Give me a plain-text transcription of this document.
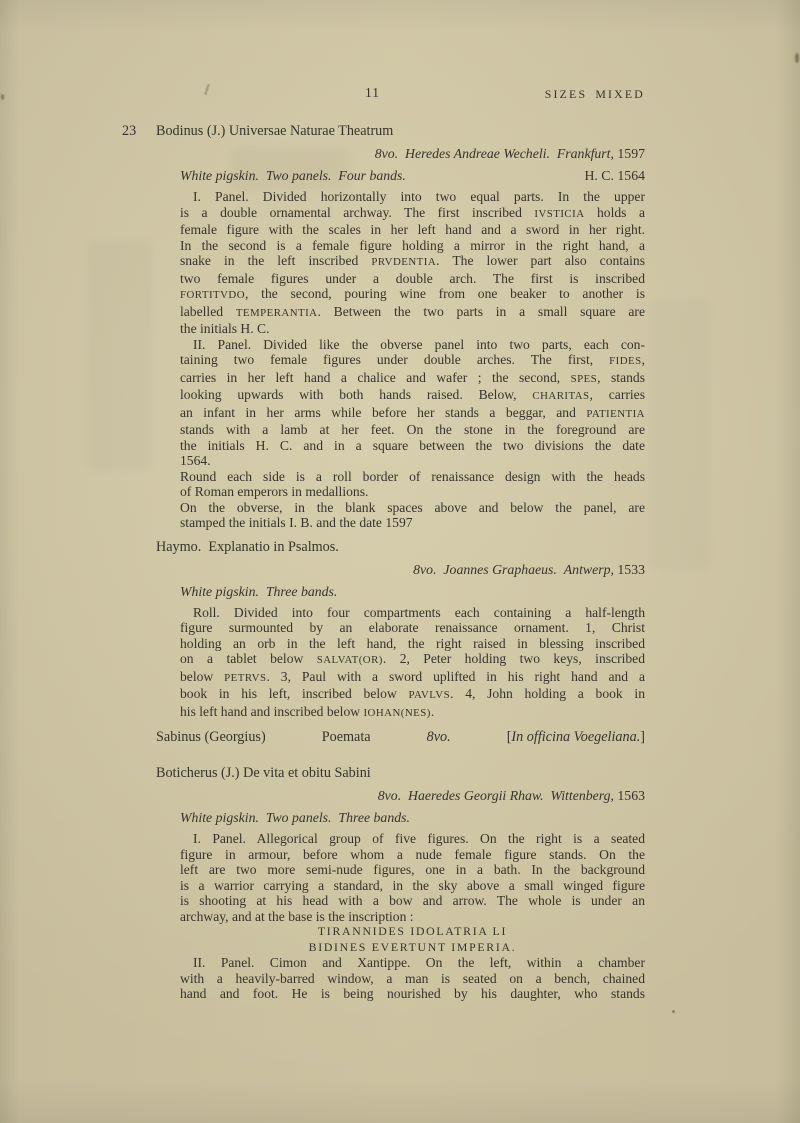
11	SIZES MIXED
23 Bodinus (J.) Universae Naturae Theatrum
8vo. Heredes Andreae Wecheli. Frankfurt, 1597
White pigskin. Two panels. Four bands.	H. C. 1564
I. Panel. Divided horizontally into two equal parts. In the upper
is a double ornamental archway. The first inscribed IVSTICIA holds a
female figure with the scales in her left hand and a sword in her right.
In the second is a female figure holding a mirror in the right hand, a
snake in the left inscribed PRVDENTIA. The lower part also contains
two female figures under a double arch. The first is inscribed
FORTITVDO, the second, pouring wine from one beaker to another is
labelled TEMPERANTIA. Between the two parts in a small square are
the initials H. C.
II. Panel. Divided like the obverse panel into two parts, each con-
taining two female figures under double arches. The first, FIDES,
carries in her left hand a chalice and wafer ; the second, SPES, stands
looking upwards with both hands raised. Below, CHARITAS, carries
an infant in her arms while before her stands a beggar, and PATIENTIA
stands with a lamb at her feet. On the stone in the foreground are
the initials H. C. and in a square between the two divisions the date
1564.
Round each side is a roll border of renaissance design with the heads
of Roman emperors in medallions.
On the obverse, in the blank spaces above and below the panel, are
stamped the initials I. B. and the date 1597
Haymo. Explanatio in Psalmos.
8vo. Joannes Graphaeus. Antwerp, 1533
White pigskin. Three bands.
Roll. Divided into four compartments each containing a half-length
figure surmounted by an elaborate renaissance ornament. 1, Christ
holding an orb in the left hand, the right raised in blessing inscribed
on a tablet below SALVAT(OR). 2, Peter holding two keys, inscribed
below PETRVS. 3, Paul with a sword uplifted in his right hand and a
book in his left, inscribed below PAVLVS. 4, John holding a book in
his left hand and inscribed below IOHAN(NES).
Sabinus (Georgius)	Poemata	8vo.	[In officina Voegeliana.]
Boticherus (J.) De vita et obitu Sabini
8vo. Haeredes Georgii Rhaw. Wittenberg, 1563
White pigskin. Two panels. Three bands.
I. Panel. Allegorical group of five figures. On the right is a seated
figure in armour, before whom a nude female figure stands. On the
left are two more semi-nude figures, one in a bath. In the background
is a warrior carrying a standard, in the sky above a small winged figure
is shooting at his head with a bow and arrow. The whole is under an
archway, and at the base is the inscription :
TIRANNIDES IDOLATRIA LI
BIDINES EVERTUNT IMPERIA.
II. Panel. Cimon and Xantippe. On the left, within a chamber
with a heavily-barred window, a man is seated on a bench, chained
hand and foot. He is being nourished by his daughter, who stands
